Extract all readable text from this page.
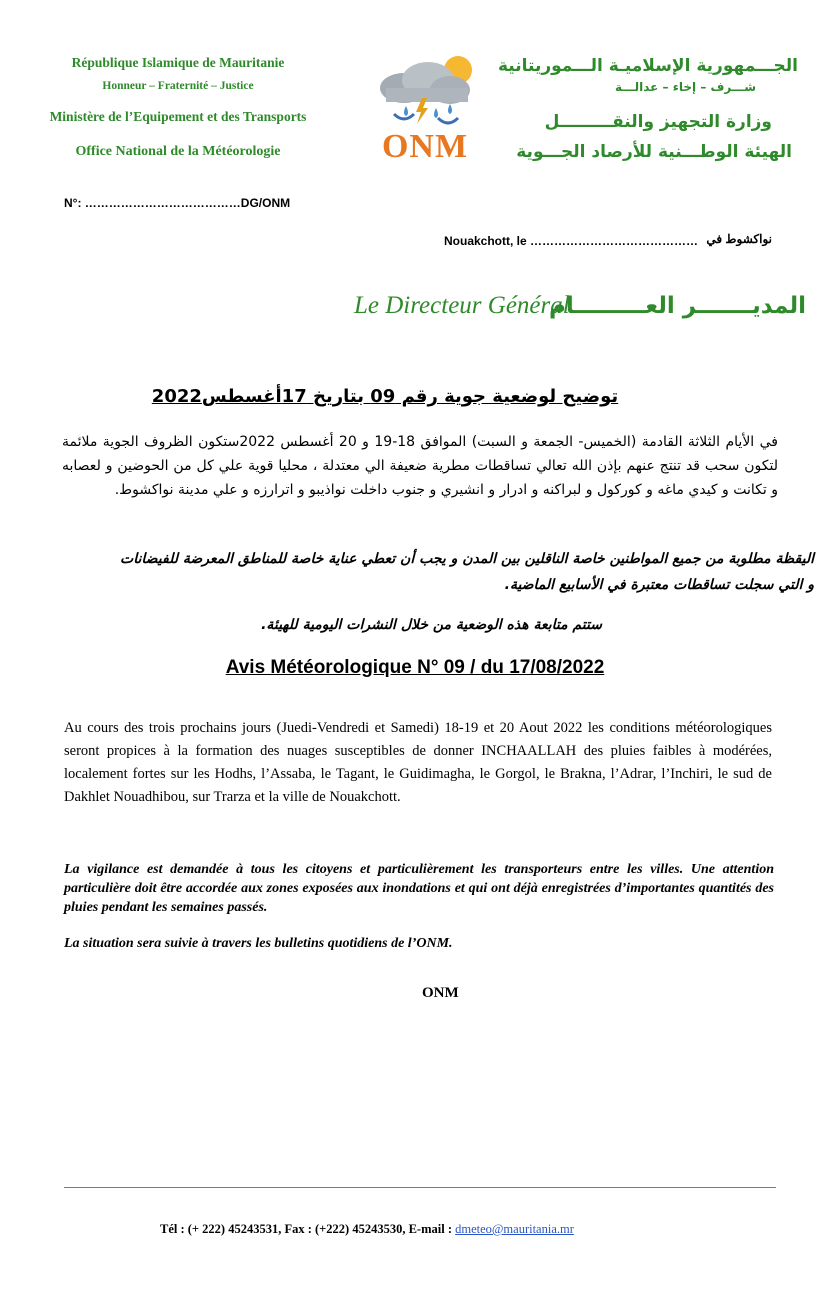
République Islamique de Mauritanie
Honneur – Fraternité – Justice
Ministère de l’Equipement et des Transports
Office National de la Météorologie	ONM
الجـــمهورية الإسلاميـة الـــموريتانية
شـــرف – إخاء – عدالـــة
وزارة التجهيز والنقـــــــــل
الهيئة الوطـــنية للأرصاد الجـــوية
N°: …………………………………DG/ONM
Nouakchott, le …………………………………… نواكشوط في
Le Directeur Général
المديـــــــر العـــــــــام
توضيح لوضعية جوية رقم 09 بتاريخ 17أغسطس2022
في الأيام الثلاثة القادمة (الخميس- الجمعة و السبت) الموافق 18-19 و 20 أغسطس 2022ستكون الظروف الجوية ملائمة لتكون سحب قد تنتج عنهم بإذن الله تعالي تساقطات مطرية ضعيفة الي معتدلة ، محليا قوية علي كل من الحوضين و لعصابه و تكانت و كيدي ماغه و كوركول و لبراكنه و ادرار و انشيري و جنوب داخلت نواذيبو و اترارزه و علي مدينة نواكشوط.
اليقظة مطلوبة من جميع المواطنين خاصة الناقلين بين المدن و يجب أن تعطي عناية خاصة للمناطق المعرضة للفيضانات و التي سجلت تساقطات معتبرة في الأسابيع الماضية.
ستتم متابعة هذه الوضعية من خلال النشرات اليومية للهيئة.
Avis Météorologique N° 09 / du 17/08/2022
Au cours des trois prochains jours (Juedi-Vendredi et Samedi) 18-19 et 20 Aout 2022 les conditions météorologiques seront propices à la formation des nuages susceptibles de donner INCHAALLAH des pluies faibles à modérées, localement fortes sur les Hodhs, l’Assaba, le Tagant, le Guidimagha, le Gorgol, le Brakna, l’Adrar, l’Inchiri, le sud de Dakhlet Nouadhibou, sur Trarza et la ville de Nouakchott.
La vigilance est demandée à tous les citoyens et particulièrement les transporteurs entre les villes. Une attention particulière doit être accordée aux zones exposées aux inondations et qui ont déjà enregistrées d’importantes quantités des pluies pendant les semaines passés.
La situation sera suivie à travers les bulletins quotidiens de l’ONM.
ONM
Tél : (+ 222) 45243531, Fax : (+222) 45243530, E-mail : dmeteo@mauritania.mr
